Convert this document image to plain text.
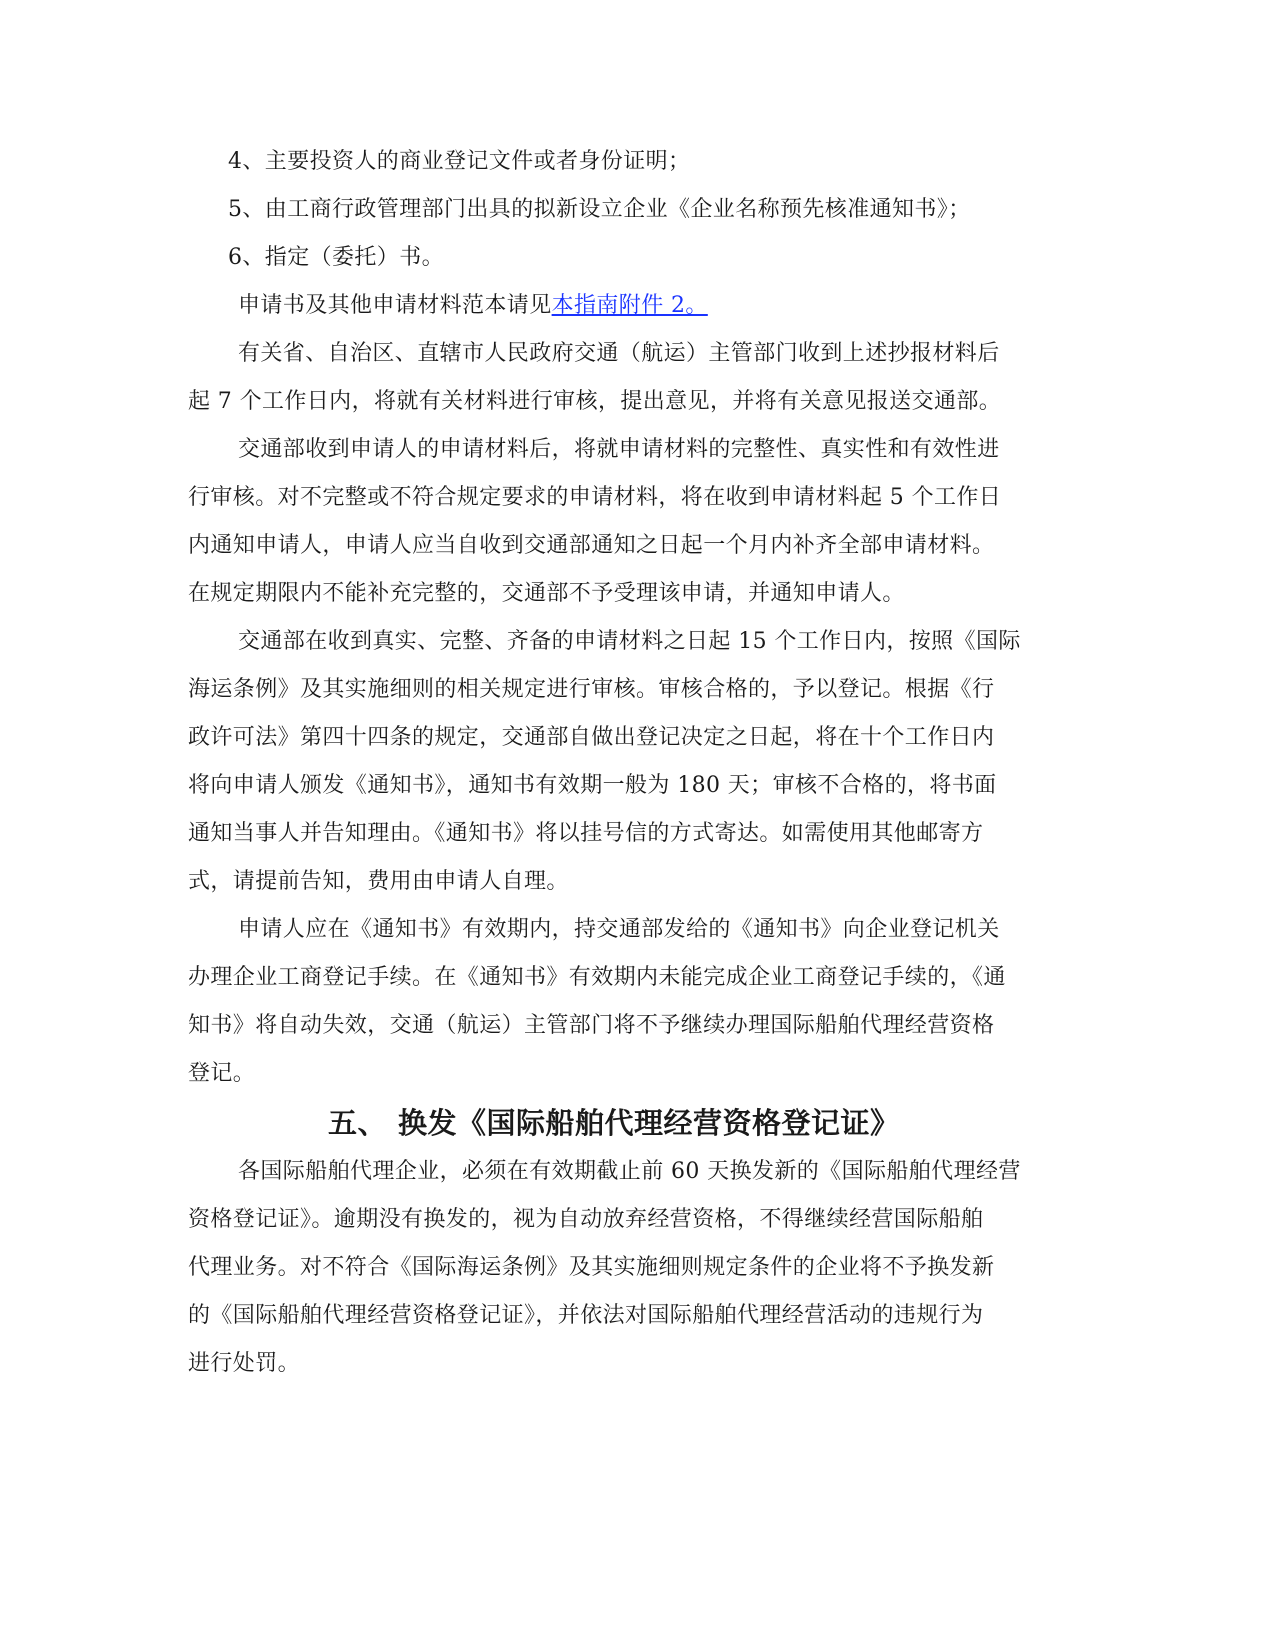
4、主要投资人的商业登记文件或者身份证明；
5、由工商行政管理部门出具的拟新设立企业《企业名称预先核准通知书》；
6、指定（委托）书。
申请书及其他申请材料范本请见本指南附件 2。
有关省、自治区、直辖市人民政府交通（航运）主管部门收到上述抄报材料后
起 7 个工作日内，将就有关材料进行审核，提出意见，并将有关意见报送交通部。
交通部收到申请人的申请材料后，将就申请材料的完整性、真实性和有效性进
行审核。对不完整或不符合规定要求的申请材料，将在收到申请材料起 5 个工作日
内通知申请人，申请人应当自收到交通部通知之日起一个月内补齐全部申请材料。
在规定期限内不能补充完整的，交通部不予受理该申请，并通知申请人。
交通部在收到真实、完整、齐备的申请材料之日起 15 个工作日内，按照《国际
海运条例》及其实施细则的相关规定进行审核。审核合格的，予以登记。根据《行
政许可法》第四十四条的规定，交通部自做出登记决定之日起，将在十个工作日内
将向申请人颁发《通知书》，通知书有效期一般为 180 天；审核不合格的，将书面
通知当事人并告知理由。《通知书》将以挂号信的方式寄达。如需使用其他邮寄方
式，请提前告知，费用由申请人自理。
申请人应在《通知书》有效期内，持交通部发给的《通知书》向企业登记机关
办理企业工商登记手续。在《通知书》有效期内未能完成企业工商登记手续的，《通
知书》将自动失效，交通（航运）主管部门将不予继续办理国际船舶代理经营资格
登记。
五、 换发《国际船舶代理经营资格登记证》
各国际船舶代理企业，必须在有效期截止前 60 天换发新的《国际船舶代理经营
资格登记证》。逾期没有换发的，视为自动放弃经营资格，不得继续经营国际船舶
代理业务。对不符合《国际海运条例》及其实施细则规定条件的企业将不予换发新
的《国际船舶代理经营资格登记证》，并依法对国际船舶代理经营活动的违规行为
进行处罚。
